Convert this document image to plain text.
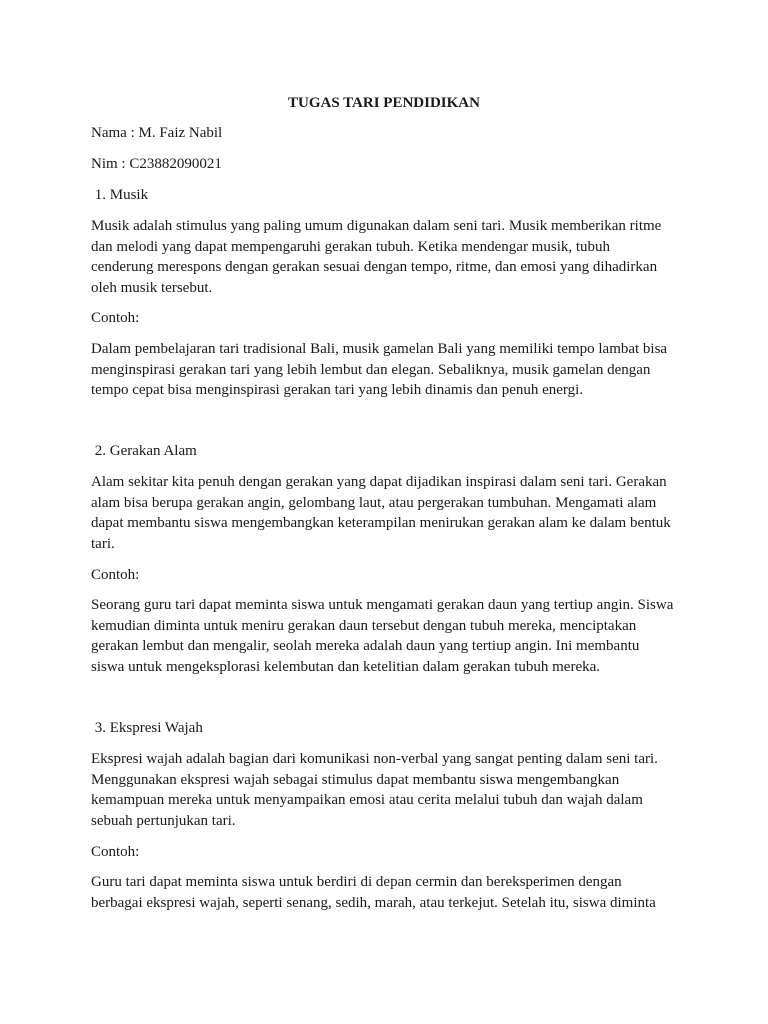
TUGAS TARI PENDIDIKAN
Nama : M. Faiz Nabil
Nim : C23882090021
1. Musik
Musik adalah stimulus yang paling umum digunakan dalam seni tari. Musik memberikan ritme
dan melodi yang dapat mempengaruhi gerakan tubuh. Ketika mendengar musik, tubuh
cenderung merespons dengan gerakan sesuai dengan tempo, ritme, dan emosi yang dihadirkan
oleh musik tersebut.
Contoh:
Dalam pembelajaran tari tradisional Bali, musik gamelan Bali yang memiliki tempo lambat bisa
menginspirasi gerakan tari yang lebih lembut dan elegan. Sebaliknya, musik gamelan dengan
tempo cepat bisa menginspirasi gerakan tari yang lebih dinamis dan penuh energi.
2. Gerakan Alam
Alam sekitar kita penuh dengan gerakan yang dapat dijadikan inspirasi dalam seni tari. Gerakan
alam bisa berupa gerakan angin, gelombang laut, atau pergerakan tumbuhan. Mengamati alam
dapat membantu siswa mengembangkan keterampilan menirukan gerakan alam ke dalam bentuk
tari.
Contoh:
Seorang guru tari dapat meminta siswa untuk mengamati gerakan daun yang tertiup angin. Siswa
kemudian diminta untuk meniru gerakan daun tersebut dengan tubuh mereka, menciptakan
gerakan lembut dan mengalir, seolah mereka adalah daun yang tertiup angin. Ini membantu
siswa untuk mengeksplorasi kelembutan dan ketelitian dalam gerakan tubuh mereka.
3. Ekspresi Wajah
Ekspresi wajah adalah bagian dari komunikasi non-verbal yang sangat penting dalam seni tari.
Menggunakan ekspresi wajah sebagai stimulus dapat membantu siswa mengembangkan
kemampuan mereka untuk menyampaikan emosi atau cerita melalui tubuh dan wajah dalam
sebuah pertunjukan tari.
Contoh:
Guru tari dapat meminta siswa untuk berdiri di depan cermin dan bereksperimen dengan
berbagai ekspresi wajah, seperti senang, sedih, marah, atau terkejut. Setelah itu, siswa diminta
